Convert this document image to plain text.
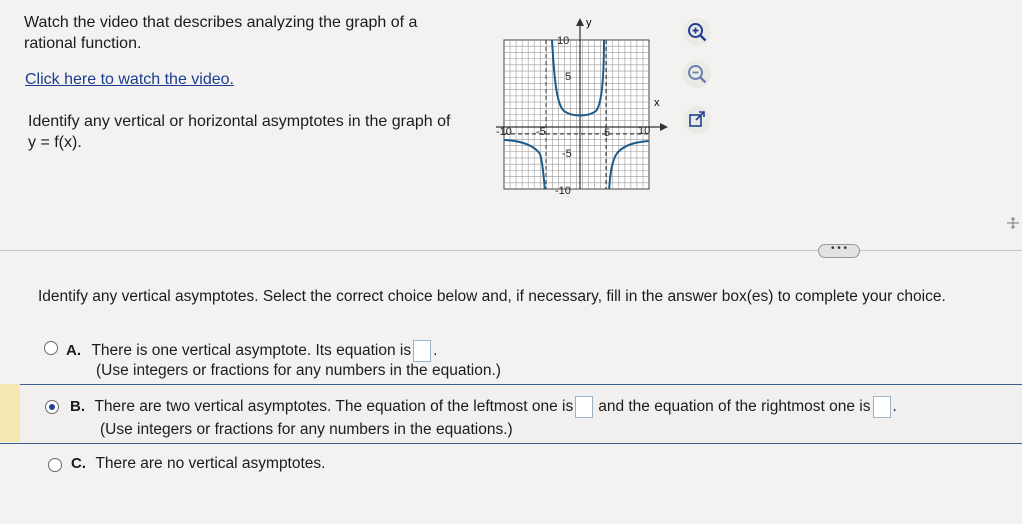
Watch the video that describes analyzing the graph of a
rational function.
Click here to watch the video.
Identify any vertical or horizontal asymptotes in the graph of
y = f(x).
y
x
10
5
-5
-10
-10 -5	5	10
• • •
Identify any vertical asymptotes. Select the correct choice below and, if necessary, fill in the answer box(es) to complete your choice.
A. There is one vertical asymptote. Its equation is .
(Use integers or fractions for any numbers in the equation.)
B. There are two vertical asymptotes. The equation of the leftmost one is and the equation of the rightmost one is .
(Use integers or fractions for any numbers in the equations.)
C. There are no vertical asymptotes.
